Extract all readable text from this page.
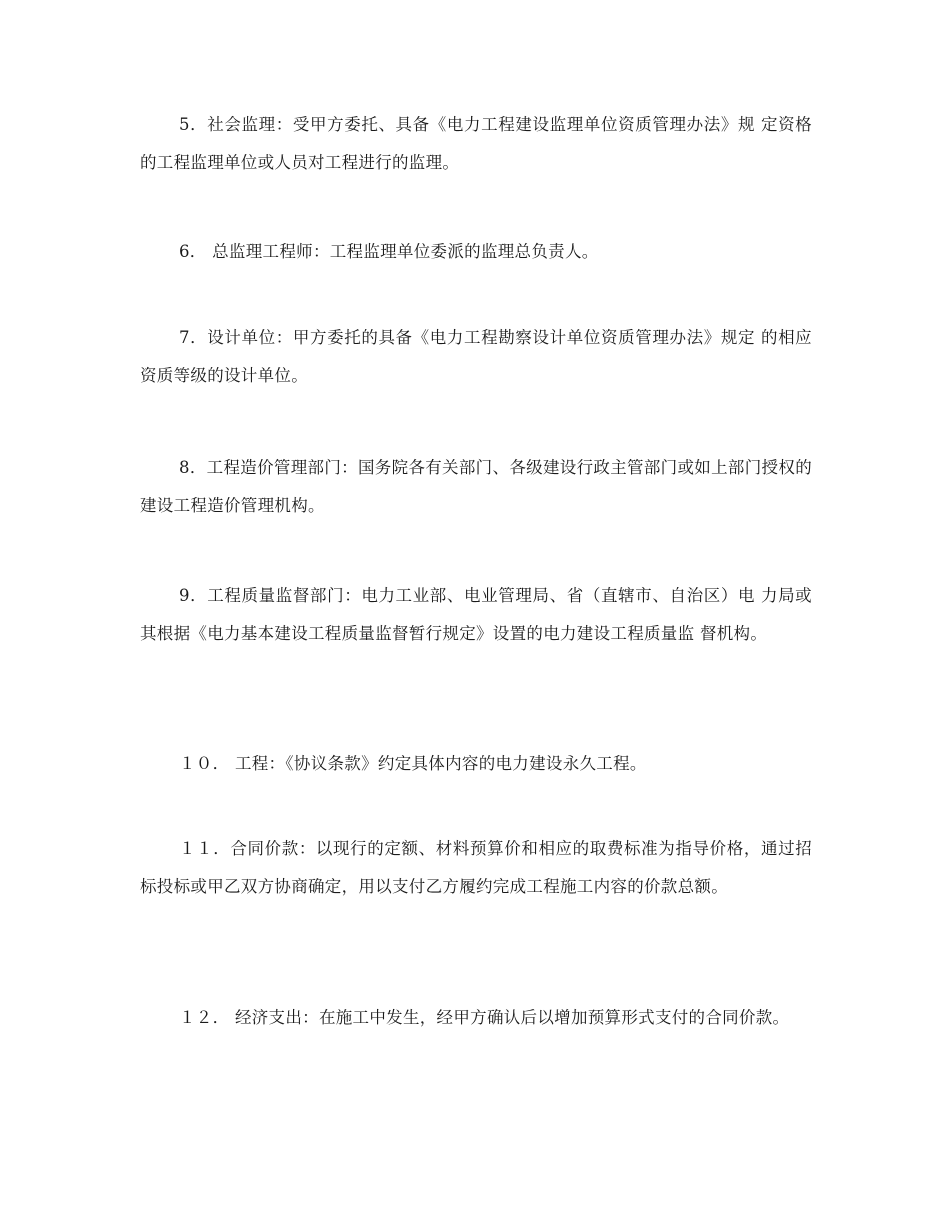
5．社会监理：受甲方委托、具备《电力工程建设监理单位资质管理办法》规 定资格的工程监理单位或人员对工程进行的监理。

6． 总监理工程师：工程监理单位委派的监理总负责人。

7．设计单位：甲方委托的具备《电力工程勘察设计单位资质管理办法》规定 的相应资质等级的设计单位。

8．工程造价管理部门：国务院各有关部门、各级建设行政主管部门或如上部门授权的建设工程造价管理机构。

9．工程质量监督部门：电力工业部、电业管理局、省（直辖市、自治区）电 力局或其根据《电力基本建设工程质量监督暂行规定》设置的电力建设工程质量监 督机构。

１０． 工程：《协议条款》约定具体内容的电力建设永久工程。

１１．合同价款：以现行的定额、材料预算价和相应的取费标准为指导价格，通过招标投标或甲乙双方协商确定，用以支付乙方履约完成工程施工内容的价款总额。

１２． 经济支出：在施工中发生，经甲方确认后以增加预算形式支付的合同价款。
